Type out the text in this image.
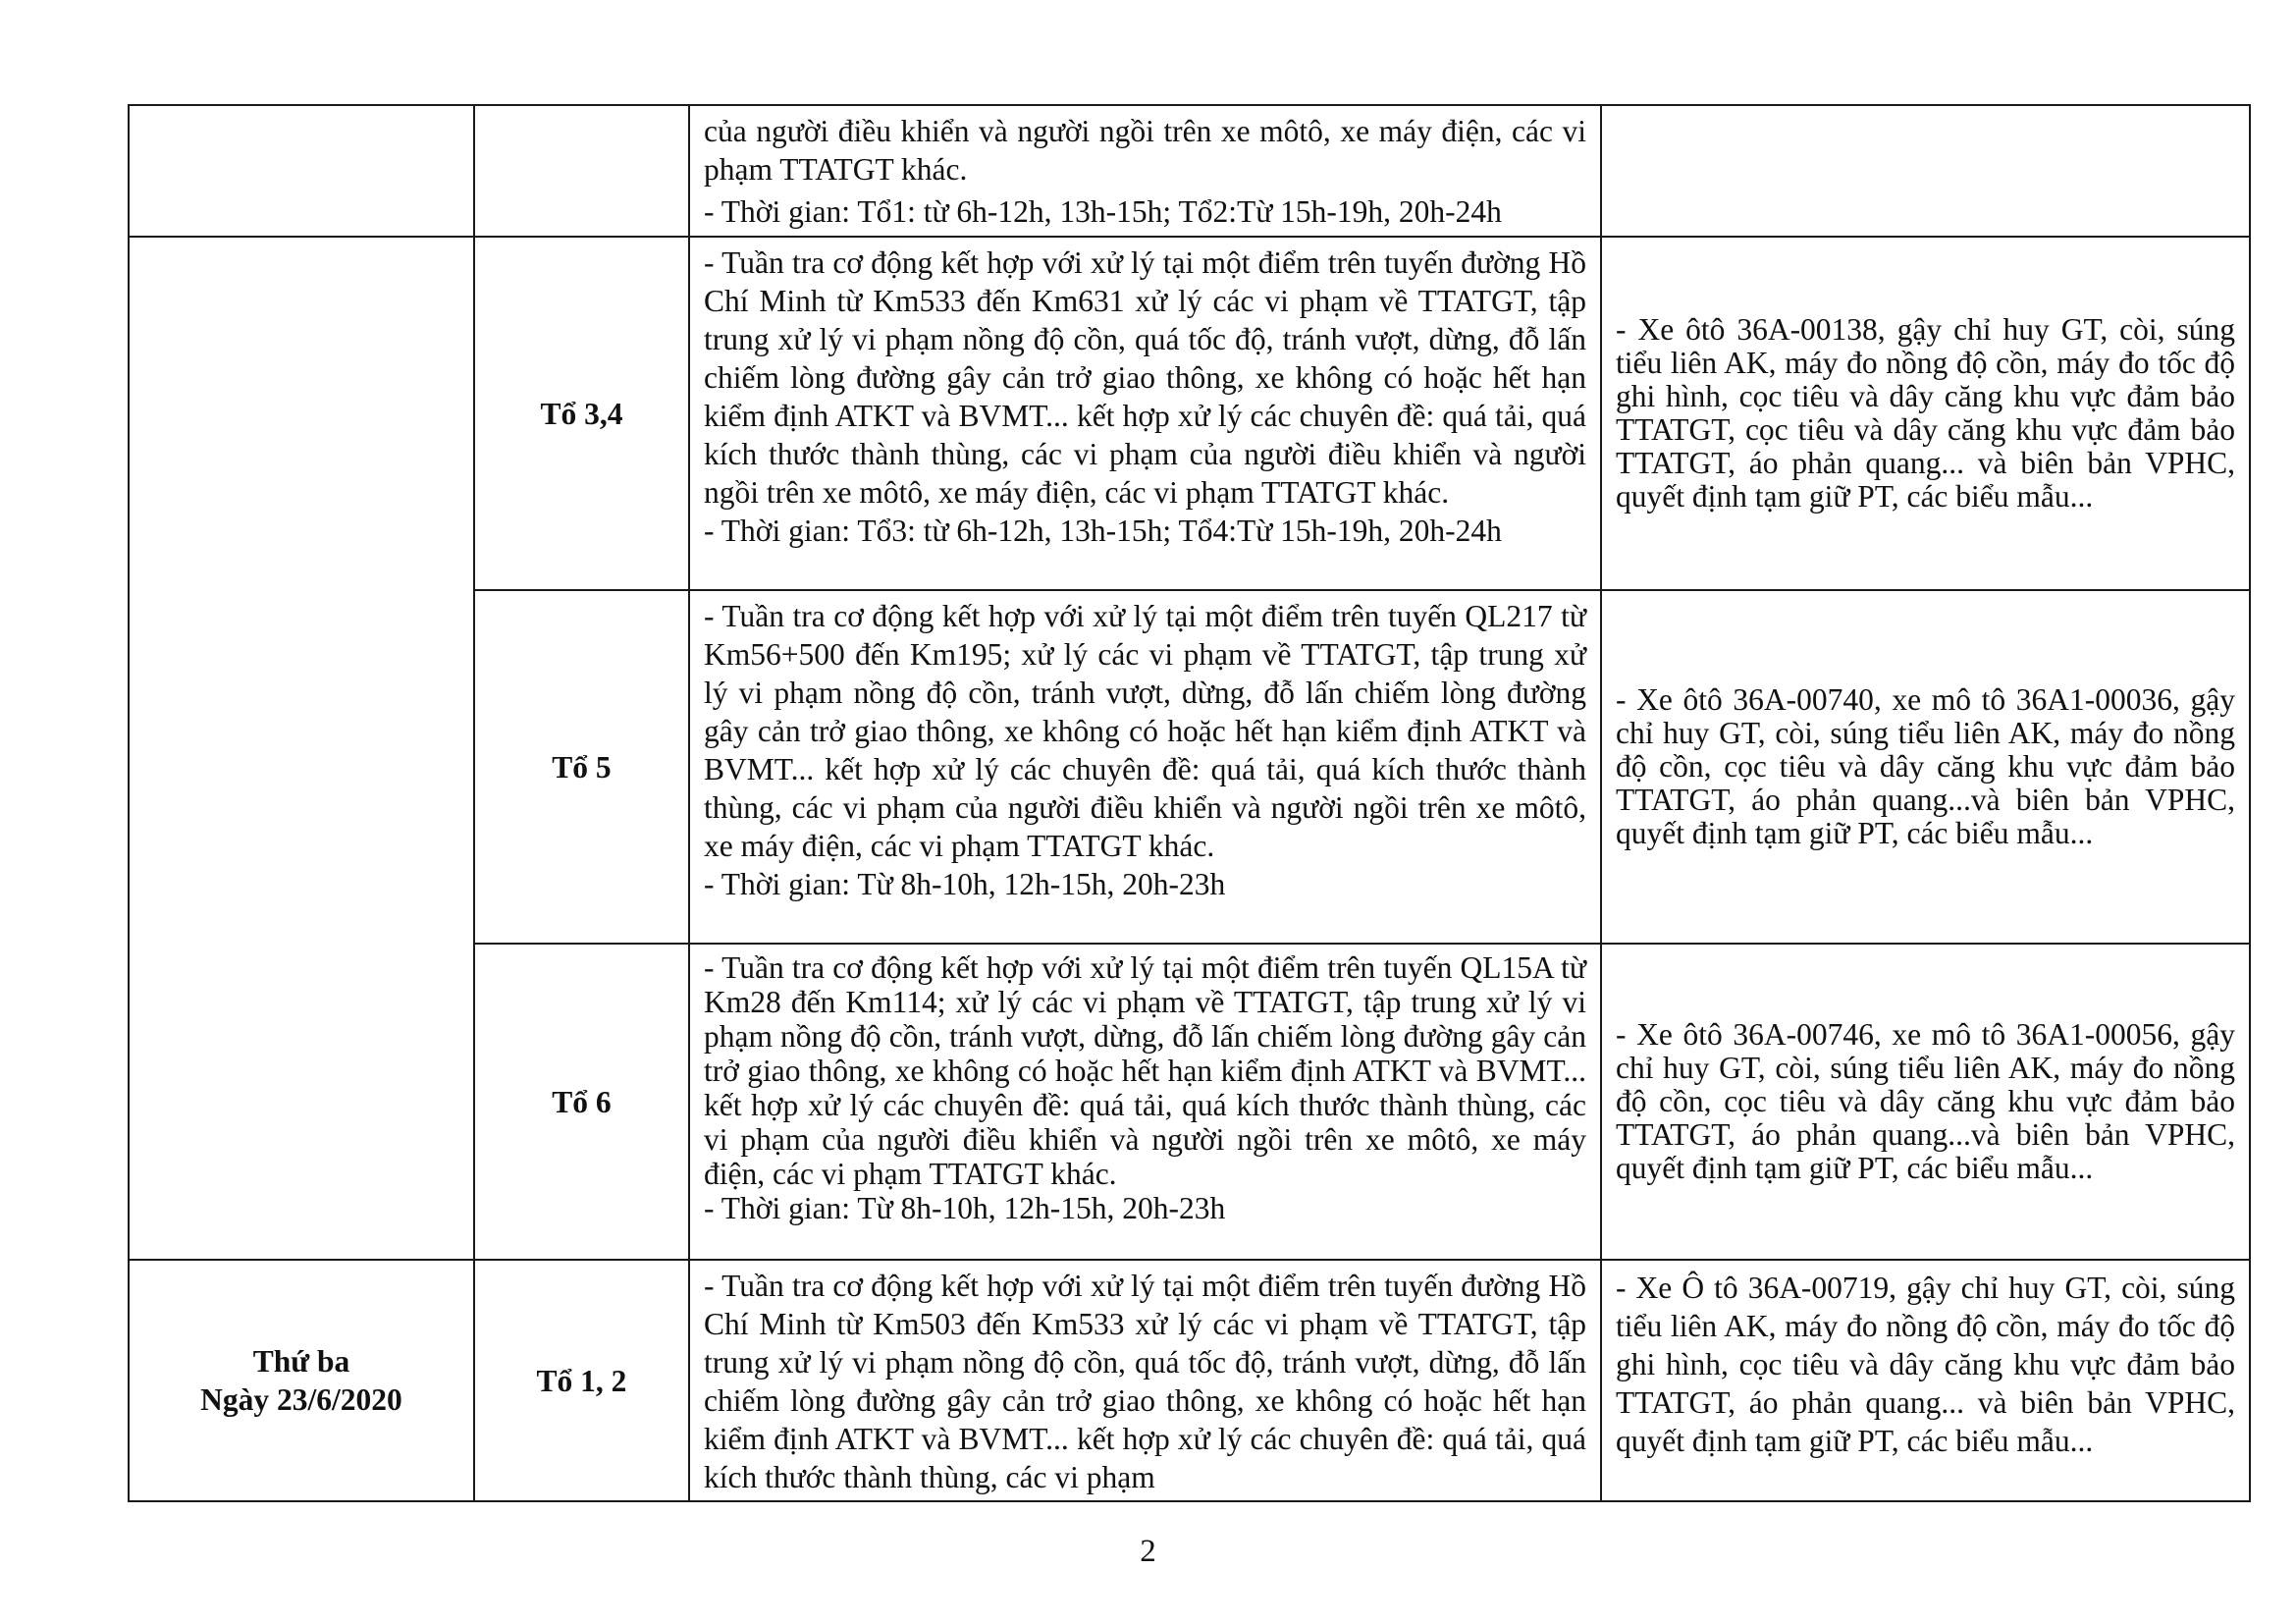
của người điều khiển và người ngồi trên xe môtô, xe máy điện, các vi phạm TTATGT khác.

- Thời gian: Tổ1: từ 6h-12h, 13h-15h; Tổ2:Từ 15h-19h, 20h-24h

Tổ 3,4

- Tuần tra cơ động kết hợp với xử lý tại một điểm trên tuyến đường Hồ Chí Minh từ Km533 đến Km631 xử lý các vi phạm về TTATGT, tập trung xử lý vi phạm nồng độ cồn, quá tốc độ, tránh vượt, dừng, đỗ lấn chiếm lòng đường gây cản trở giao thông, xe không có hoặc hết hạn kiểm định ATKT và BVMT... kết hợp xử lý các chuyên đề: quá tải, quá kích thước thành thùng, các vi phạm của người điều khiển và người ngồi trên xe môtô, xe máy điện, các vi phạm TTATGT khác.

- Thời gian: Tổ3: từ 6h-12h, 13h-15h; Tổ4:Từ 15h-19h, 20h-24h

- Xe ôtô 36A-00138, gậy chỉ huy GT, còi, súng tiểu liên AK, máy đo nồng độ cồn, máy đo tốc độ ghi hình, cọc tiêu và dây căng khu vực đảm bảo TTATGT, cọc tiêu và dây căng khu vực đảm bảo TTATGT, áo phản quang... và biên bản VPHC, quyết định tạm giữ PT, các biểu mẫu...

Tổ 5

- Tuần tra cơ động kết hợp với xử lý tại một điểm trên tuyến QL217 từ Km56+500 đến Km195; xử lý các vi phạm về TTATGT, tập trung xử lý vi phạm nồng độ cồn, tránh vượt, dừng, đỗ lấn chiếm lòng đường gây cản trở giao thông, xe không có hoặc hết hạn kiểm định ATKT và BVMT... kết hợp xử lý các chuyên đề: quá tải, quá kích thước thành thùng, các vi phạm của người điều khiển và người ngồi trên xe môtô, xe máy điện, các vi phạm TTATGT khác.

- Thời gian: Từ 8h-10h, 12h-15h, 20h-23h

- Xe ôtô 36A-00740, xe mô tô 36A1-00036, gậy chỉ huy GT, còi, súng tiểu liên AK, máy đo nồng độ cồn, cọc tiêu và dây căng khu vực đảm bảo TTATGT, áo phản quang...và biên bản VPHC, quyết định tạm giữ PT, các biểu mẫu...

Tổ 6

- Tuần tra cơ động kết hợp với xử lý tại một điểm trên tuyến QL15A từ Km28 đến Km114; xử lý các vi phạm về TTATGT, tập trung xử lý vi phạm nồng độ cồn, tránh vượt, dừng, đỗ lấn chiếm lòng đường gây cản trở giao thông, xe không có hoặc hết hạn kiểm định ATKT và BVMT... kết hợp xử lý các chuyên đề: quá tải, quá kích thước thành thùng, các vi phạm của người điều khiển và người ngồi trên xe môtô, xe máy điện, các vi phạm TTATGT khác.

- Thời gian: Từ 8h-10h, 12h-15h, 20h-23h

- Xe ôtô 36A-00746, xe mô tô 36A1-00056, gậy chỉ huy GT, còi, súng tiểu liên AK, máy đo nồng độ cồn, cọc tiêu và dây căng khu vực đảm bảo TTATGT, áo phản quang...và biên bản VPHC, quyết định tạm giữ PT, các biểu mẫu...

Thứ ba
Ngày 23/6/2020
Tổ 1, 2

- Tuần tra cơ động kết hợp với xử lý tại một điểm trên tuyến đường Hồ Chí Minh từ Km503 đến Km533 xử lý các vi phạm về TTATGT, tập trung xử lý vi phạm nồng độ cồn, quá tốc độ, tránh vượt, dừng, đỗ lấn chiếm lòng đường gây cản trở giao thông, xe không có hoặc hết hạn kiểm định ATKT và BVMT... kết hợp xử lý các chuyên đề: quá tải, quá kích thước thành thùng, các vi phạm

- Xe Ô tô 36A-00719, gậy chỉ huy GT, còi, súng tiểu liên AK, máy đo nồng độ cồn, máy đo tốc độ ghi hình, cọc tiêu và dây căng khu vực đảm bảo TTATGT, áo phản quang... và biên bản VPHC, quyết định tạm giữ PT, các biểu mẫu...

2
